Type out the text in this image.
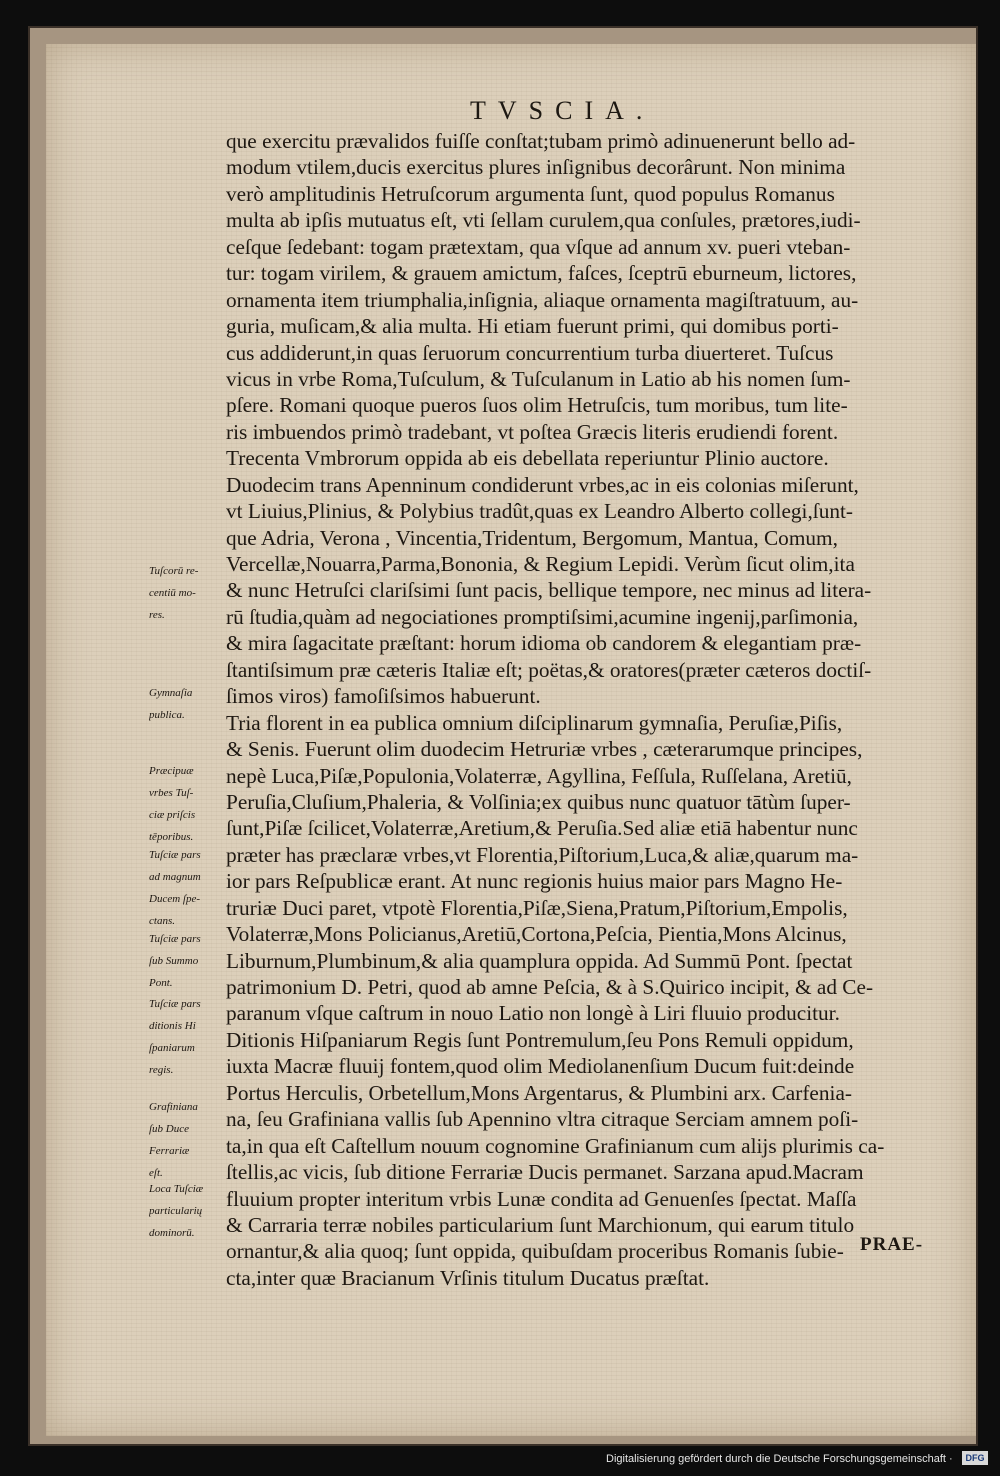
TVSCIA.
que exercitu prævalidos fuiſſe conſtat;tubam primò adinuenerunt bello ad-
modum vtilem,ducis exercitus plures inſignibus decorârunt. Non minima
verò amplitudinis Hetruſcorum argumenta ſunt, quod populus Romanus
multa ab ipſis mutuatus eſt, vti ſellam curulem,qua conſules, prætores,iudi-
ceſque ſedebant: togam prætextam, qua vſque ad annum xv. pueri vteban-
tur: togam virilem, & grauem amictum, faſces, ſceptrū eburneum, lictores,
ornamenta item triumphalia,inſignia, aliaque ornamenta magiſtratuum, au-
guria, muſicam,& alia multa. Hi etiam fuerunt primi, qui domibus porti-
cus addiderunt,in quas ſeruorum concurrentium turba diuerteret. Tuſcus
vicus in vrbe Roma,Tuſculum, & Tuſculanum in Latio ab his nomen ſum-
pſere. Romani quoque pueros ſuos olim Hetruſcis, tum moribus, tum lite-
ris imbuendos primò tradebant, vt poſtea Græcis literis erudiendi forent.
Trecenta Vmbrorum oppida ab eis debellata reperiuntur Plinio auctore.
Duodecim trans Apenninum condiderunt vrbes,ac in eis colonias miſerunt,
vt Liuius,Plinius, & Polybius tradût,quas ex Leandro Alberto collegi,ſunt-
que Adria, Verona , Vincentia,Tridentum, Bergomum, Mantua, Comum,
Vercellæ,Nouarra,Parma,Bononia, & Regium Lepidi. Verùm ſicut olim,ita
& nunc Hetruſci clariſsimi ſunt pacis, bellique tempore, nec minus ad litera-
rū ſtudia,quàm ad negociationes promptiſsimi,acumine ingenij,parſimonia,
& mira ſagacitate præſtant: horum idioma ob candorem & elegantiam præ-
ſtantiſsimum præ cæteris Italiæ eſt; poëtas,& oratores(præter cæteros doctiſ-
ſimos viros) famoſiſsimos habuerunt.
Tria florent in ea publica omnium diſciplinarum gymnaſia, Peruſiæ,Piſis,
& Senis. Fuerunt olim duodecim Hetruriæ vrbes , cæterarumque principes,
nepè Luca,Piſæ,Populonia,Volaterræ, Agyllina, Feſſula, Ruſſelana, Aretiū,
Peruſia,Cluſium,Phaleria, & Volſinia;ex quibus nunc quatuor tātùm ſuper-
ſunt,Piſæ ſcilicet,Volaterræ,Aretium,& Peruſia.Sed aliæ etiā habentur nunc
præter has præclaræ vrbes,vt Florentia,Piſtorium,Luca,& aliæ,quarum ma-
ior pars Reſpublicæ erant. At nunc regionis huius maior pars Magno He-
truriæ Duci paret, vtpotè Florentia,Piſæ,Siena,Pratum,Piſtorium,Empolis,
Volaterræ,Mons Policianus,Aretiū,Cortona,Peſcia, Pientia,Mons Alcinus,
Liburnum,Plumbinum,& alia quamplura oppida. Ad Summū Pont. ſpectat
patrimonium D. Petri, quod ab amne Peſcia, & à S.Quirico incipit, & ad Ce-
paranum vſque caſtrum in nouo Latio non longè à Liri fluuio producitur.
Ditionis Hiſpaniarum Regis ſunt Pontremulum,ſeu Pons Remuli oppidum,
iuxta Macræ fluuij fontem,quod olim Mediolanenſium Ducum fuit:deinde
Portus Herculis, Orbetellum,Mons Argentarus, & Plumbini arx. Carfenia-
na, ſeu Grafiniana vallis ſub Apennino vltra citraque Serciam amnem poſi-
ta,in qua eſt Caſtellum nouum cognomine Grafinianum cum alijs plurimis ca-
ſtellis,ac vicis, ſub ditione Ferrariæ Ducis permanet. Sarzana apud.Macram
fluuium propter interitum vrbis Lunæ condita ad Genuenſes ſpectat. Maſſa
& Carraria terræ nobiles particularium ſunt Marchionum, qui earum titulo
ornantur,& alia quoq; ſunt oppida, quibuſdam proceribus Romanis ſubie-
cta,inter quæ Bracianum Vrſinis titulum Ducatus præſtat.
Tuſcorū re-
centiū mo-
res.
Gymnaſia
publica.
Præcipuæ
vrbes Tuſ-
ciæ priſcis
tēporibus.
Tuſciæ pars
ad magnum
Ducem ſpe-
ctans.
Tuſciæ pars
ſub Summo
Pont.
Tuſciæ pars
ditionis Hi
ſpaniarum
regis.
Grafiniana
ſub Duce
Ferrariæ
eſt.
Loca Tuſciæ
particularių
dominorū.
PRAE-
Digitalisierung gefördert durch die Deutsche Forschungsgemeinschaft ·	DFG
